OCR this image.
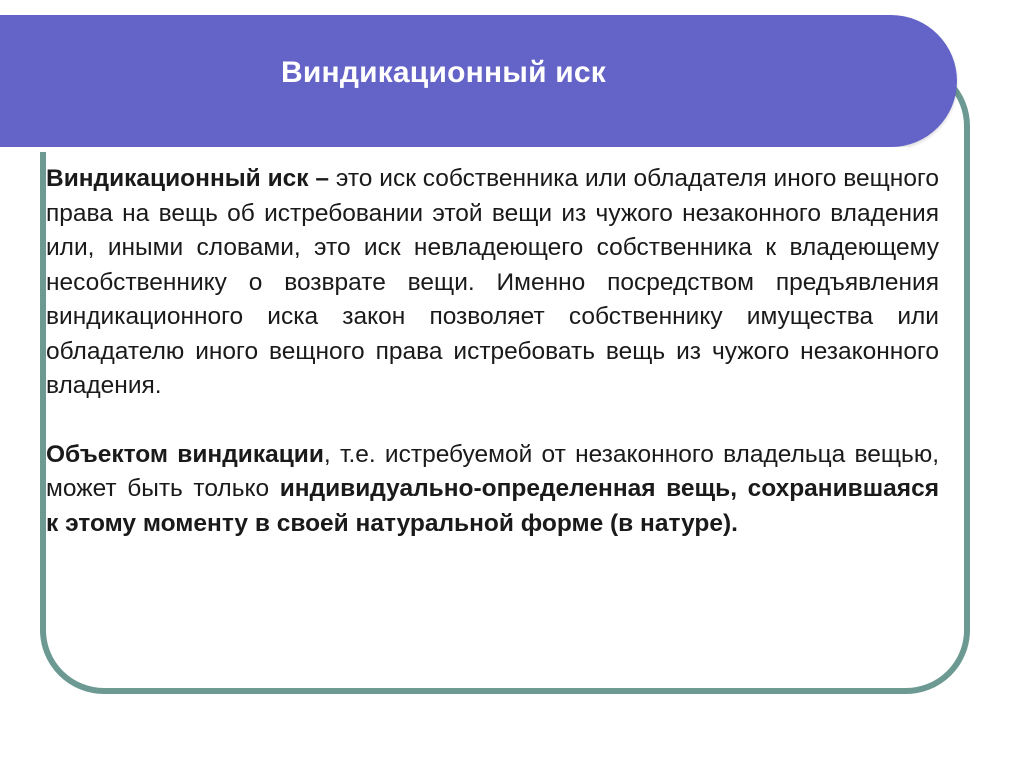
Виндикационный иск

Виндикационный иск – это иск собственника или обладателя иного вещного права на вещь об истребовании этой вещи из чужого незаконного владения или, иными словами, это иск невладеющего собственника к владеющему несобственнику о возврате вещи. Именно посредством предъявления виндикационного иска закон позволяет собственнику имущества или обладателю иного вещного права истребовать вещь из чужого незаконного владения.

Объектом виндикации, т.е. истребуемой от незаконного владельца вещью, может быть только индивидуально-определенная вещь, сохранившаяся к этому моменту в своей натуральной форме (в натуре).
